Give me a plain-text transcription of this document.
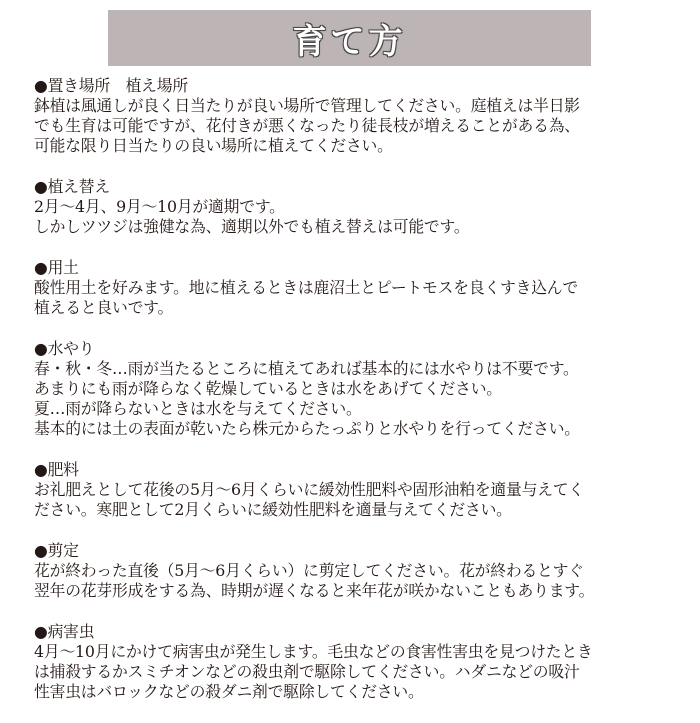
育て方
●置き場所　植え場所
鉢植は風通しが良く日当たりが良い場所で管理してください。庭植えは半日影
でも生育は可能ですが、花付きが悪くなったり徒長枝が増えることがある為、
可能な限り日当たりの良い場所に植えてください。
●植え替え
2月～4月、9月～10月が適期です。
しかしツツジは強健な為、適期以外でも植え替えは可能です。
●用土
酸性用土を好みます。地に植えるときは鹿沼土とピートモスを良くすき込んで
植えると良いです。
●水やり
春・秋・冬…雨が当たるところに植えてあれば基本的には水やりは不要です。
あまりにも雨が降らなく乾燥しているときは水をあげてください。
夏…雨が降らないときは水を与えてください。
基本的には土の表面が乾いたら株元からたっぷりと水やりを行ってください。
●肥料
お礼肥えとして花後の5月～6月くらいに緩効性肥料や固形油粕を適量与えてく
ださい。寒肥として2月くらいに緩効性肥料を適量与えてください。
●剪定
花が終わった直後（5月～6月くらい）に剪定してください。花が終わるとすぐ
翌年の花芽形成をする為、時期が遅くなると来年花が咲かないこともあります。
●病害虫
4月～10月にかけて病害虫が発生します。毛虫などの食害性害虫を見つけたとき
は捕殺するかスミチオンなどの殺虫剤で駆除してください。ハダニなどの吸汁
性害虫はバロックなどの殺ダニ剤で駆除してください。
